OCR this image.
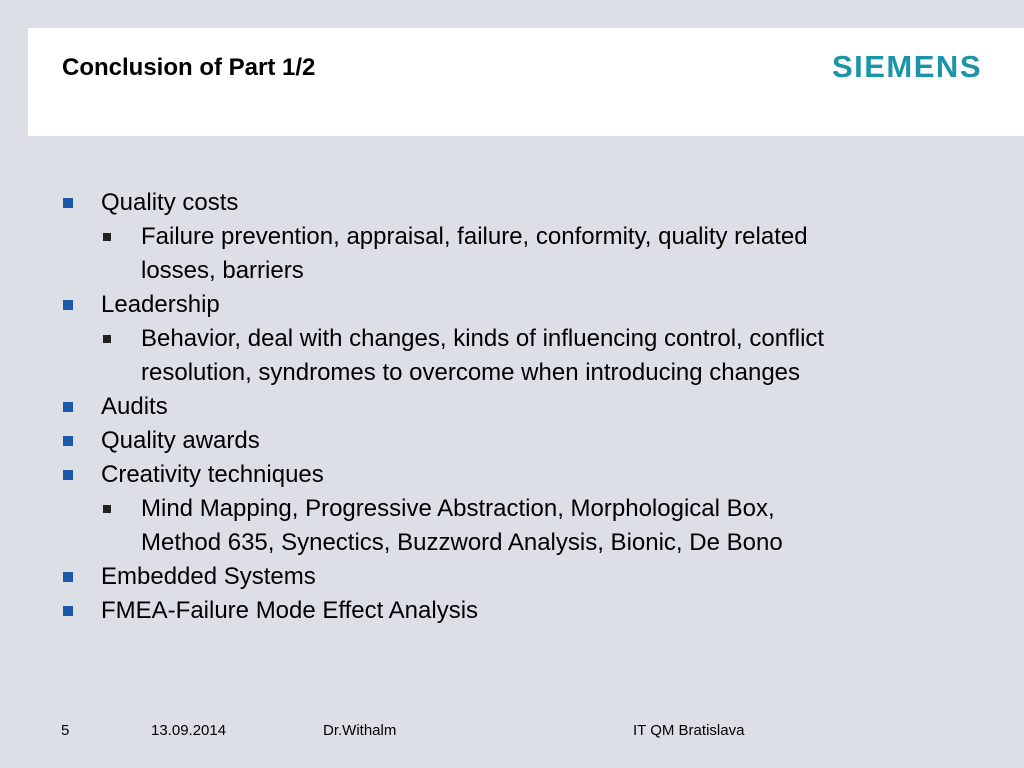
Conclusion of Part 1/2	SIEMENS
Quality costs
Failure prevention, appraisal, failure, conformity, quality related losses, barriers
Leadership
Behavior, deal with changes, kinds of influencing control, conflict resolution, syndromes to overcome when introducing changes
Audits
Quality awards
Creativity techniques
Mind Mapping, Progressive Abstraction, Morphological Box, Method 635, Synectics, Buzzword Analysis, Bionic, De Bono
Embedded Systems
FMEA-Failure Mode Effect Analysis
5	13.09.2014	Dr.Withalm	IT QM Bratislava
